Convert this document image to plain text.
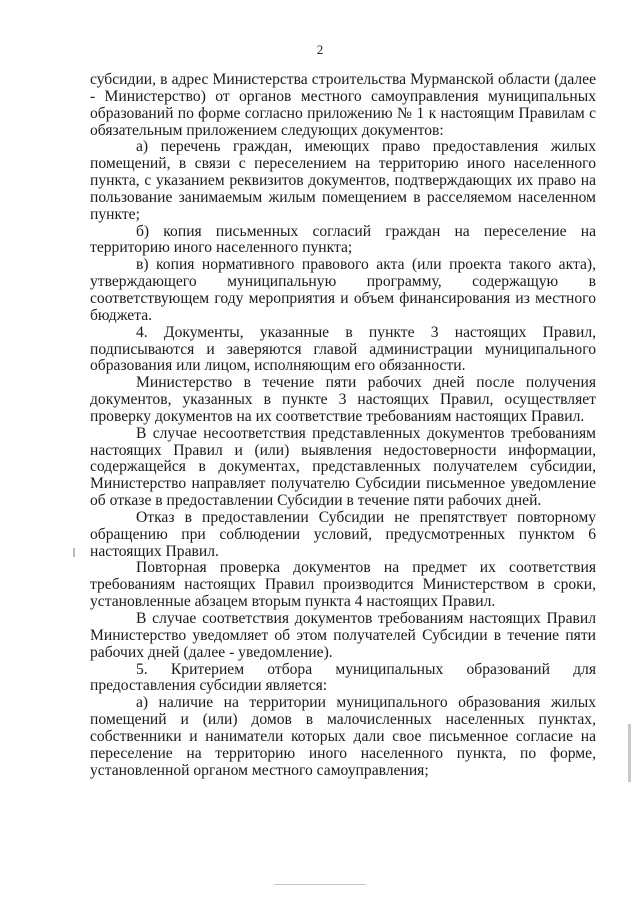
2

субсидии, в адрес Министерства строительства Мурманской области (далее - Министерство) от органов местного самоуправления муниципальных образований по форме согласно приложению № 1 к настоящим Правилам с обязательным приложением следующих документов:

а) перечень граждан, имеющих право предоставления жилых помещений, в связи с переселением на территорию иного населенного пункта, с указанием реквизитов документов, подтверждающих их право на пользование занимаемым жилым помещением в расселяемом населенном пункте;

б) копия письменных согласий граждан на переселение на территорию иного населенного пункта;

в) копия нормативного правового акта (или проекта такого акта), утверждающего муниципальную программу, содержащую в соответствующем году мероприятия и объем финансирования из местного бюджета.

4. Документы, указанные в пункте 3 настоящих Правил, подписываются и заверяются главой администрации муниципального образования или лицом, исполняющим его обязанности.

Министерство в течение пяти рабочих дней после получения документов, указанных в пункте 3 настоящих Правил, осуществляет проверку документов на их соответствие требованиям настоящих Правил.

В случае несоответствия представленных документов требованиям настоящих Правил и (или) выявления недостоверности информации, содержащейся в документах, представленных получателем субсидии, Министерство направляет получателю Субсидии письменное уведомление об отказе в предоставлении Субсидии в течение пяти рабочих дней.

Отказ в предоставлении Субсидии не препятствует повторному обращению при соблюдении условий, предусмотренных пунктом 6 настоящих Правил.

Повторная проверка документов на предмет их соответствия требованиям настоящих Правил производится Министерством в сроки, установленные абзацем вторым пункта 4 настоящих Правил.

В случае соответствия документов требованиям настоящих Правил Министерство уведомляет об этом получателей Субсидии в течение пяти рабочих дней (далее - уведомление).

5. Критерием отбора муниципальных образований для предоставления субсидии является:

а) наличие на территории муниципального образования жилых помещений и (или) домов в малочисленных населенных пунктах, собственники и наниматели которых дали свое письменное согласие на переселение на территорию иного населенного пункта, по форме, установленной органом местного самоуправления;
